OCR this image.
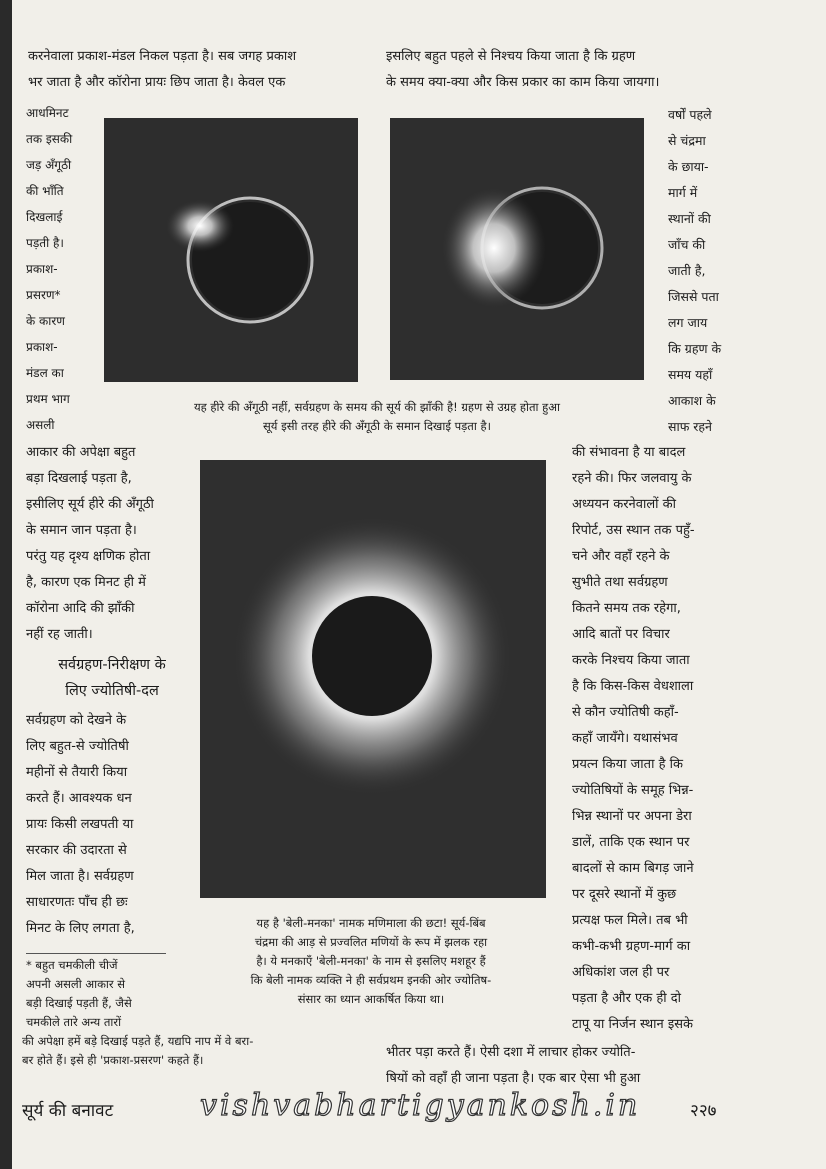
करनेवाला प्रकाश-मंडल निकल पड़ता है। सब जगह प्रकाश
भर जाता है और कॉरोना प्रायः छिप जाता है। केवल एक
इसलिए बहुत पहले से निश्चय किया जाता है कि ग्रहण
के समय क्या-क्या और किस प्रकार का काम किया जायगा।
आधमिनट
तक इसकी
जड़ अँगूठी
की भाँति
दिखलाई
पड़ती है।
प्रकाश-
प्रसरण*
के कारण
प्रकाश-
मंडल का
प्रथम भाग
असली
वर्षों पहले
से चंद्रमा
के छाया-
मार्ग में
स्थानों की
जाँच की
जाती है,
जिससे पता
लग जाय
कि ग्रहण के
समय यहाँ
आकाश के
साफ रहने
यह हीरे की अँगूठी नहीं, सर्वग्रहण के समय की सूर्य की झाँकी है! ग्रहण से उग्रह होता हुआ
सूर्य इसी तरह हीरे की अँगूठी के समान दिखाई पड़ता है।
आकार की अपेक्षा बहुत
बड़ा दिखलाई पड़ता है,
इसीलिए सूर्य हीरे की अँगूठी
के समान जान पड़ता है।
परंतु यह दृश्य क्षणिक होता
है, कारण एक मिनट ही में
कॉरोना आदि की झाँकी
नहीं रह जाती।
सर्वग्रहण-निरीक्षण के
लिए ज्योतिषी-दल
सर्वग्रहण को देखने के
लिए बहुत-से ज्योतिषी
महीनों से तैयारी किया
करते हैं। आवश्यक धन
प्रायः किसी लखपती या
सरकार की उदारता से
मिल जाता है। सर्वग्रहण
साधारणतः पाँच ही छः
मिनट के लिए लगता है,
की संभावना है या बादल
रहने की। फिर जलवायु के
अध्ययन करनेवालों की
रिपोर्ट, उस स्थान तक पहुँ-
चने और वहाँ रहने के
सुभीते तथा सर्वग्रहण
कितने समय तक रहेगा,
आदि बातों पर विचार
करके निश्चय किया जाता
है कि किस-किस वेधशाला
से कौन ज्योतिषी कहाँ-
कहाँ जायँगे। यथासंभव
प्रयत्न किया जाता है कि
ज्योतिषियों के समूह भिन्न-
भिन्न स्थानों पर अपना डेरा
डालें, ताकि एक स्थान पर
बादलों से काम बिगड़ जाने
पर दूसरे स्थानों में कुछ
प्रत्यक्ष फल मिले। तब भी
कभी-कभी ग्रहण-मार्ग का
अधिकांश जल ही पर
पड़ता है और एक ही दो
टापू या निर्जन स्थान इसके
यह है 'बेली-मनका' नामक मणिमाला की छटा! सूर्य-बिंब
चंद्रमा की आड़ से प्रज्वलित मणियों के रूप में झलक रहा
है। ये मनकाएँ 'बेली-मनका' के नाम से इसलिए मशहूर हैं
कि बेली नामक व्यक्ति ने ही सर्वप्रथम इनकी ओर ज्योतिष-
संसार का ध्यान आकर्षित किया था।
* बहुत चमकीली चीजें
अपनी असली आकार से
बड़ी दिखाई पड़ती हैं, जैसे
चमकीले तारे अन्य तारों
की अपेक्षा हमें बड़े दिखाई पड़ते हैं, यद्यपि नाप में वे बरा-
बर होते हैं। इसे ही 'प्रकाश-प्रसरण' कहते हैं।	भीतर पड़ा करते हैं। ऐसी दशा में लाचार होकर ज्योति-
षियों को वहाँ ही जाना पड़ता है। एक बार ऐसा भी हुआ
सूर्य की बनावट	vishvabhartigyankosh.in	२२७
